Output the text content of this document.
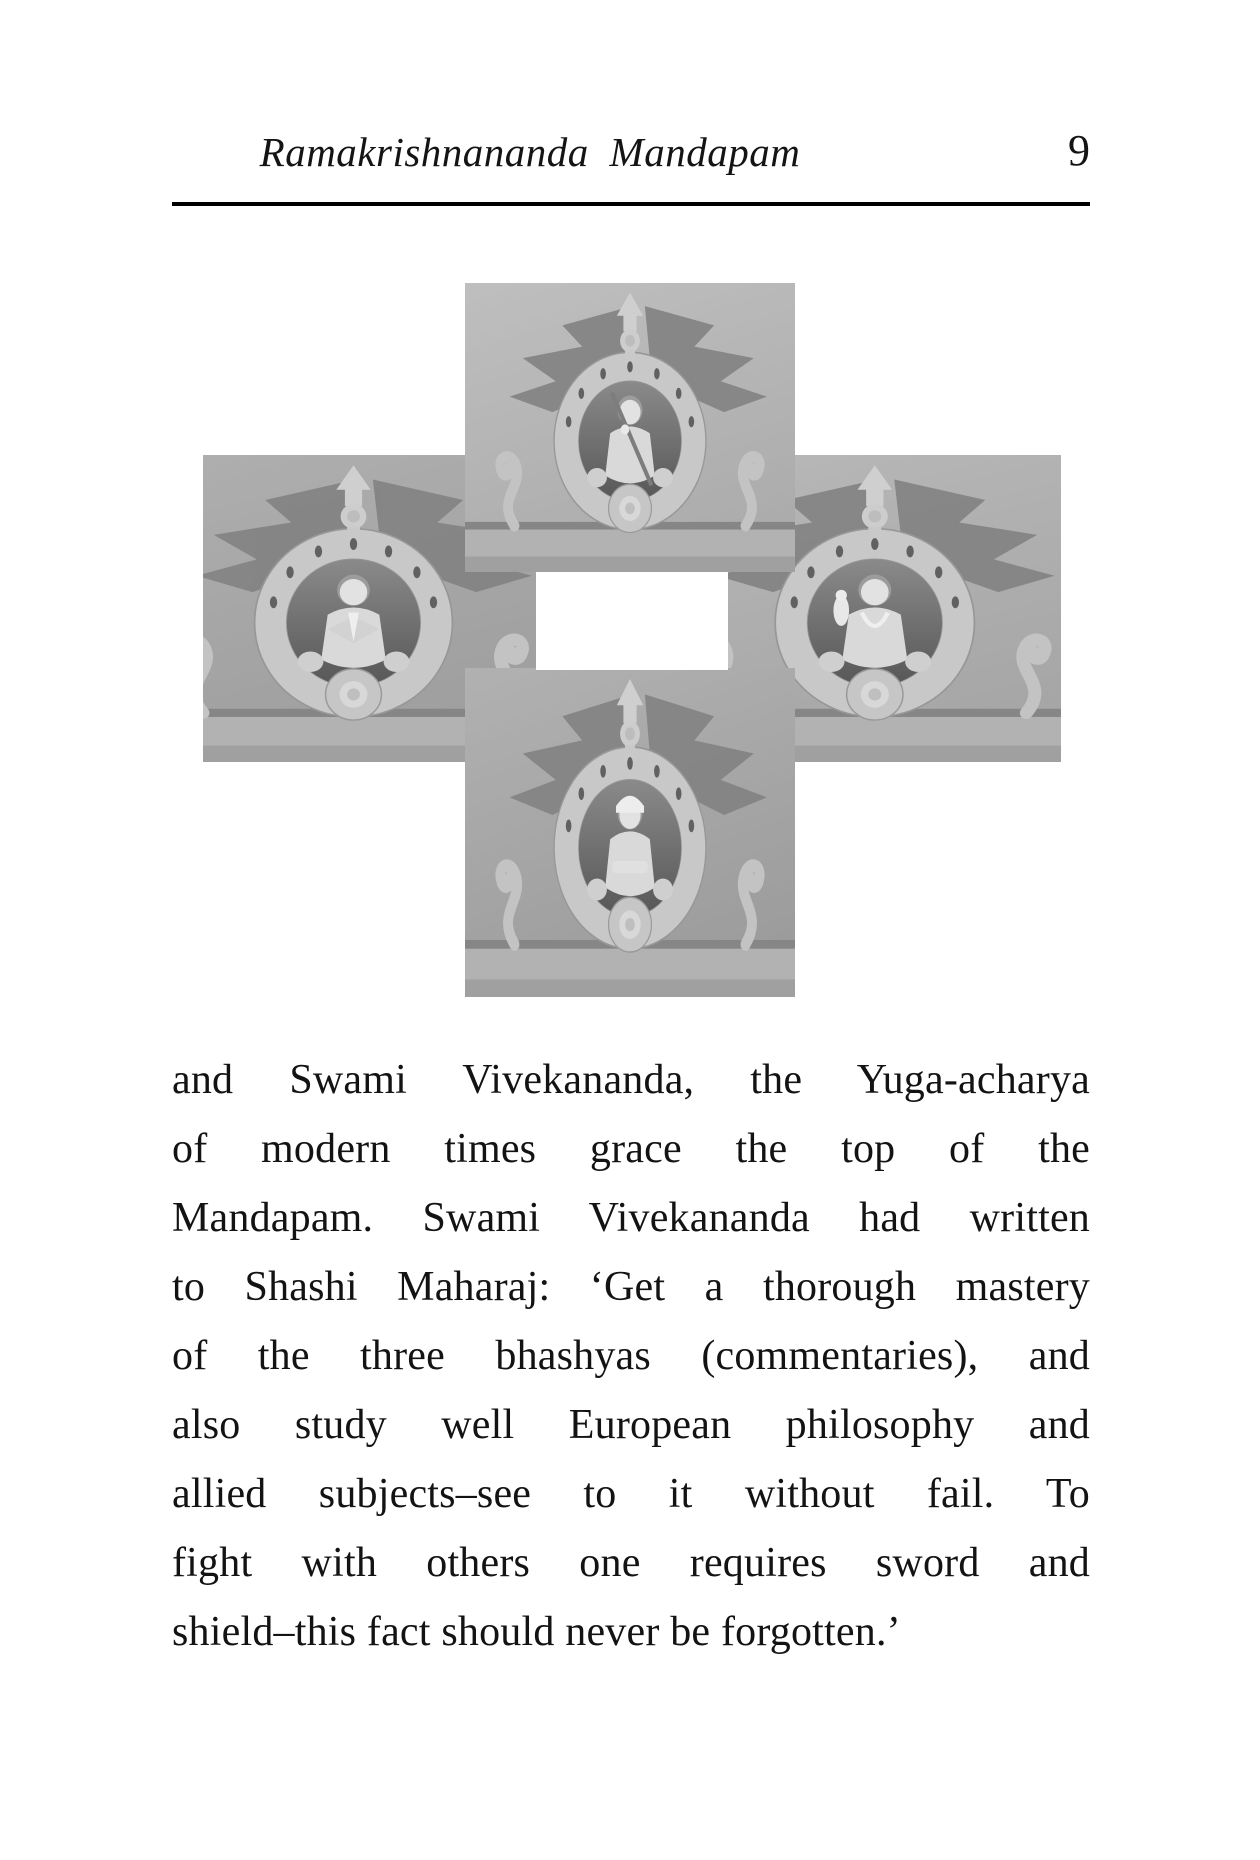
Ramakrishnananda Mandapam	9
and Swami Vivekananda, the Yuga-acharya
of modern times grace the top of the
Mandapam. Swami Vivekananda had written
to Shashi Maharaj: ‘Get a thorough mastery
of the three bhashyas (commentaries), and
also study well European philosophy and
allied subjects–see to it without fail. To
fight with others one requires sword and
shield–this fact should never be forgotten.’
